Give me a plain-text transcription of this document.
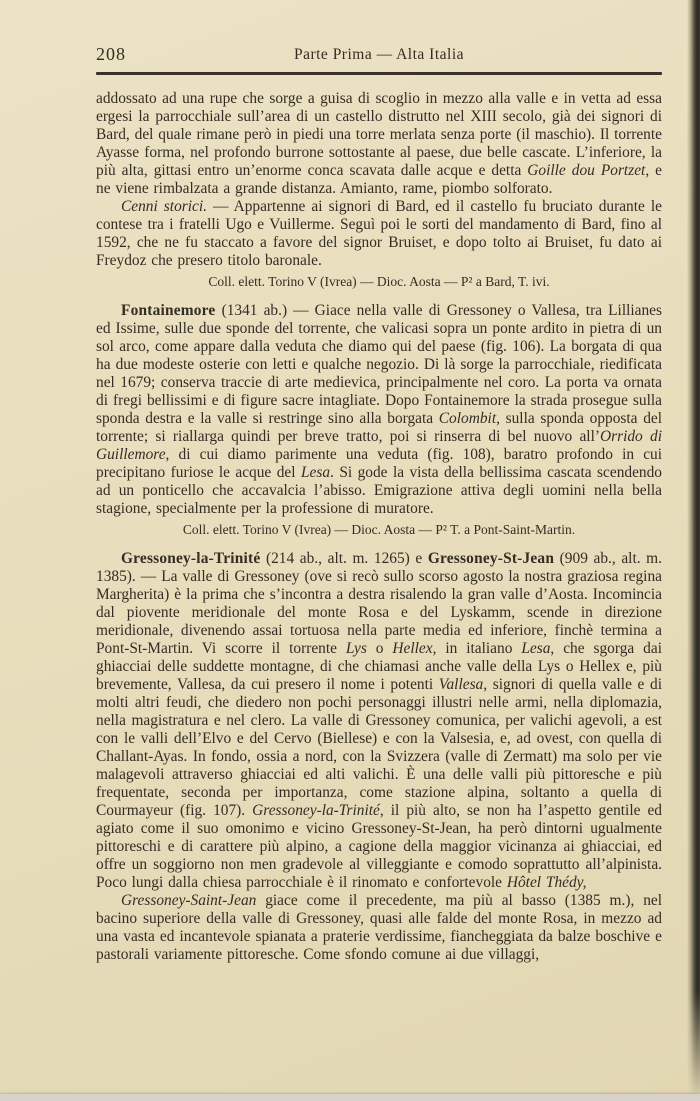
208	Parte Prima — Alta Italia

addossato ad una rupe che sorge a guisa di scoglio in mezzo alla valle e in vetta ad essa ergesi la parrocchiale sull’area di un castello distrutto nel XIII secolo, già dei signori di Bard, del quale rimane però in piedi una torre merlata senza porte (il maschio). Il torrente Ayasse forma, nel profondo burrone sottostante al paese, due belle cascate. L’inferiore, la più alta, gittasi entro un’enorme conca scavata dalle acque e detta Goille dou Portzet, e ne viene rimbalzata a grande distanza. Amianto, rame, piombo solforato.

Cenni storici. — Appartenne ai signori di Bard, ed il castello fu bruciato durante le contese tra i fratelli Ugo e Vuillerme. Seguì poi le sorti del mandamento di Bard, fino al 1592, che ne fu staccato a favore del signor Bruiset, e dopo tolto ai Bruiset, fu dato ai Freydoz che presero titolo baronale.

Coll. elett. Torino V (Ivrea) — Dioc. Aosta — P² a Bard, T. ivi.

Fontainemore (1341 ab.) — Giace nella valle di Gressoney o Vallesa, tra Lillianes ed Issime, sulle due sponde del torrente, che valicasi sopra un ponte ardito in pietra di un sol arco, come appare dalla veduta che diamo qui del paese (fig. 106). La borgata di qua ha due modeste osterie con letti e qualche negozio. Di là sorge la parrocchiale, riedificata nel 1679; conserva traccie di arte medievica, principalmente nel coro. La porta va ornata di fregi bellissimi e di figure sacre intagliate. Dopo Fontainemore la strada prosegue sulla sponda destra e la valle si restringe sino alla borgata Colombit, sulla sponda opposta del torrente; si riallarga quindi per breve tratto, poi si rinserra di bel nuovo all’Orrido di Guillemore, di cui diamo parimente una veduta (fig. 108), baratro profondo in cui precipitano furiose le acque del Lesa. Si gode la vista della bellissima cascata scendendo ad un ponticello che accavalcia l’abisso. Emigrazione attiva degli uomini nella bella stagione, specialmente per la professione di muratore.

Coll. elett. Torino V (Ivrea) — Dioc. Aosta — P² T. a Pont-Saint-Martin.

Gressoney-la-Trinité (214 ab., alt. m. 1265) e Gressoney-St-Jean (909 ab., alt. m. 1385). — La valle di Gressoney (ove si recò sullo scorso agosto la nostra graziosa regina Margherita) è la prima che s’incontra a destra risalendo la gran valle d’Aosta. Incomincia dal piovente meridionale del monte Rosa e del Lyskamm, scende in direzione meridionale, divenendo assai tortuosa nella parte media ed inferiore, finchè termina a Pont-St-Martin. Vi scorre il torrente Lys o Hellex, in italiano Lesa, che sgorga dai ghiacciai delle suddette montagne, di che chiamasi anche valle della Lys o Hellex e, più brevemente, Vallesa, da cui presero il nome i potenti Vallesa, signori di quella valle e di molti altri feudi, che diedero non pochi personaggi illustri nelle armi, nella diplomazia, nella magistratura e nel clero. La valle di Gressoney comunica, per valichi agevoli, a est con le valli dell’Elvo e del Cervo (Biellese) e con la Valsesia, e, ad ovest, con quella di Challant-Ayas. In fondo, ossia a nord, con la Svizzera (valle di Zermatt) ma solo per vie malagevoli attraverso ghiacciai ed alti valichi. È una delle valli più pittoresche e più frequentate, seconda per importanza, come stazione alpina, soltanto a quella di Courmayeur (fig. 107). Gressoney-la-Trinité, il più alto, se non ha l’aspetto gentile ed agiato come il suo omonimo e vicino Gressoney-St-Jean, ha però dintorni ugualmente pittoreschi e di carattere più alpino, a cagione della maggior vicinanza ai ghiacciai, ed offre un soggiorno non men gradevole al villeggiante e comodo soprattutto all’alpinista. Poco lungi dalla chiesa parrocchiale è il rinomato e confortevole Hôtel Thédy,

Gressoney-Saint-Jean giace come il precedente, ma più al basso (1385 m.), nel bacino superiore della valle di Gressoney, quasi alle falde del monte Rosa, in mezzo ad una vasta ed incantevole spianata a praterie verdissime, fiancheggiata da balze boschive e pastorali variamente pittoresche. Come sfondo comune ai due villaggi,
